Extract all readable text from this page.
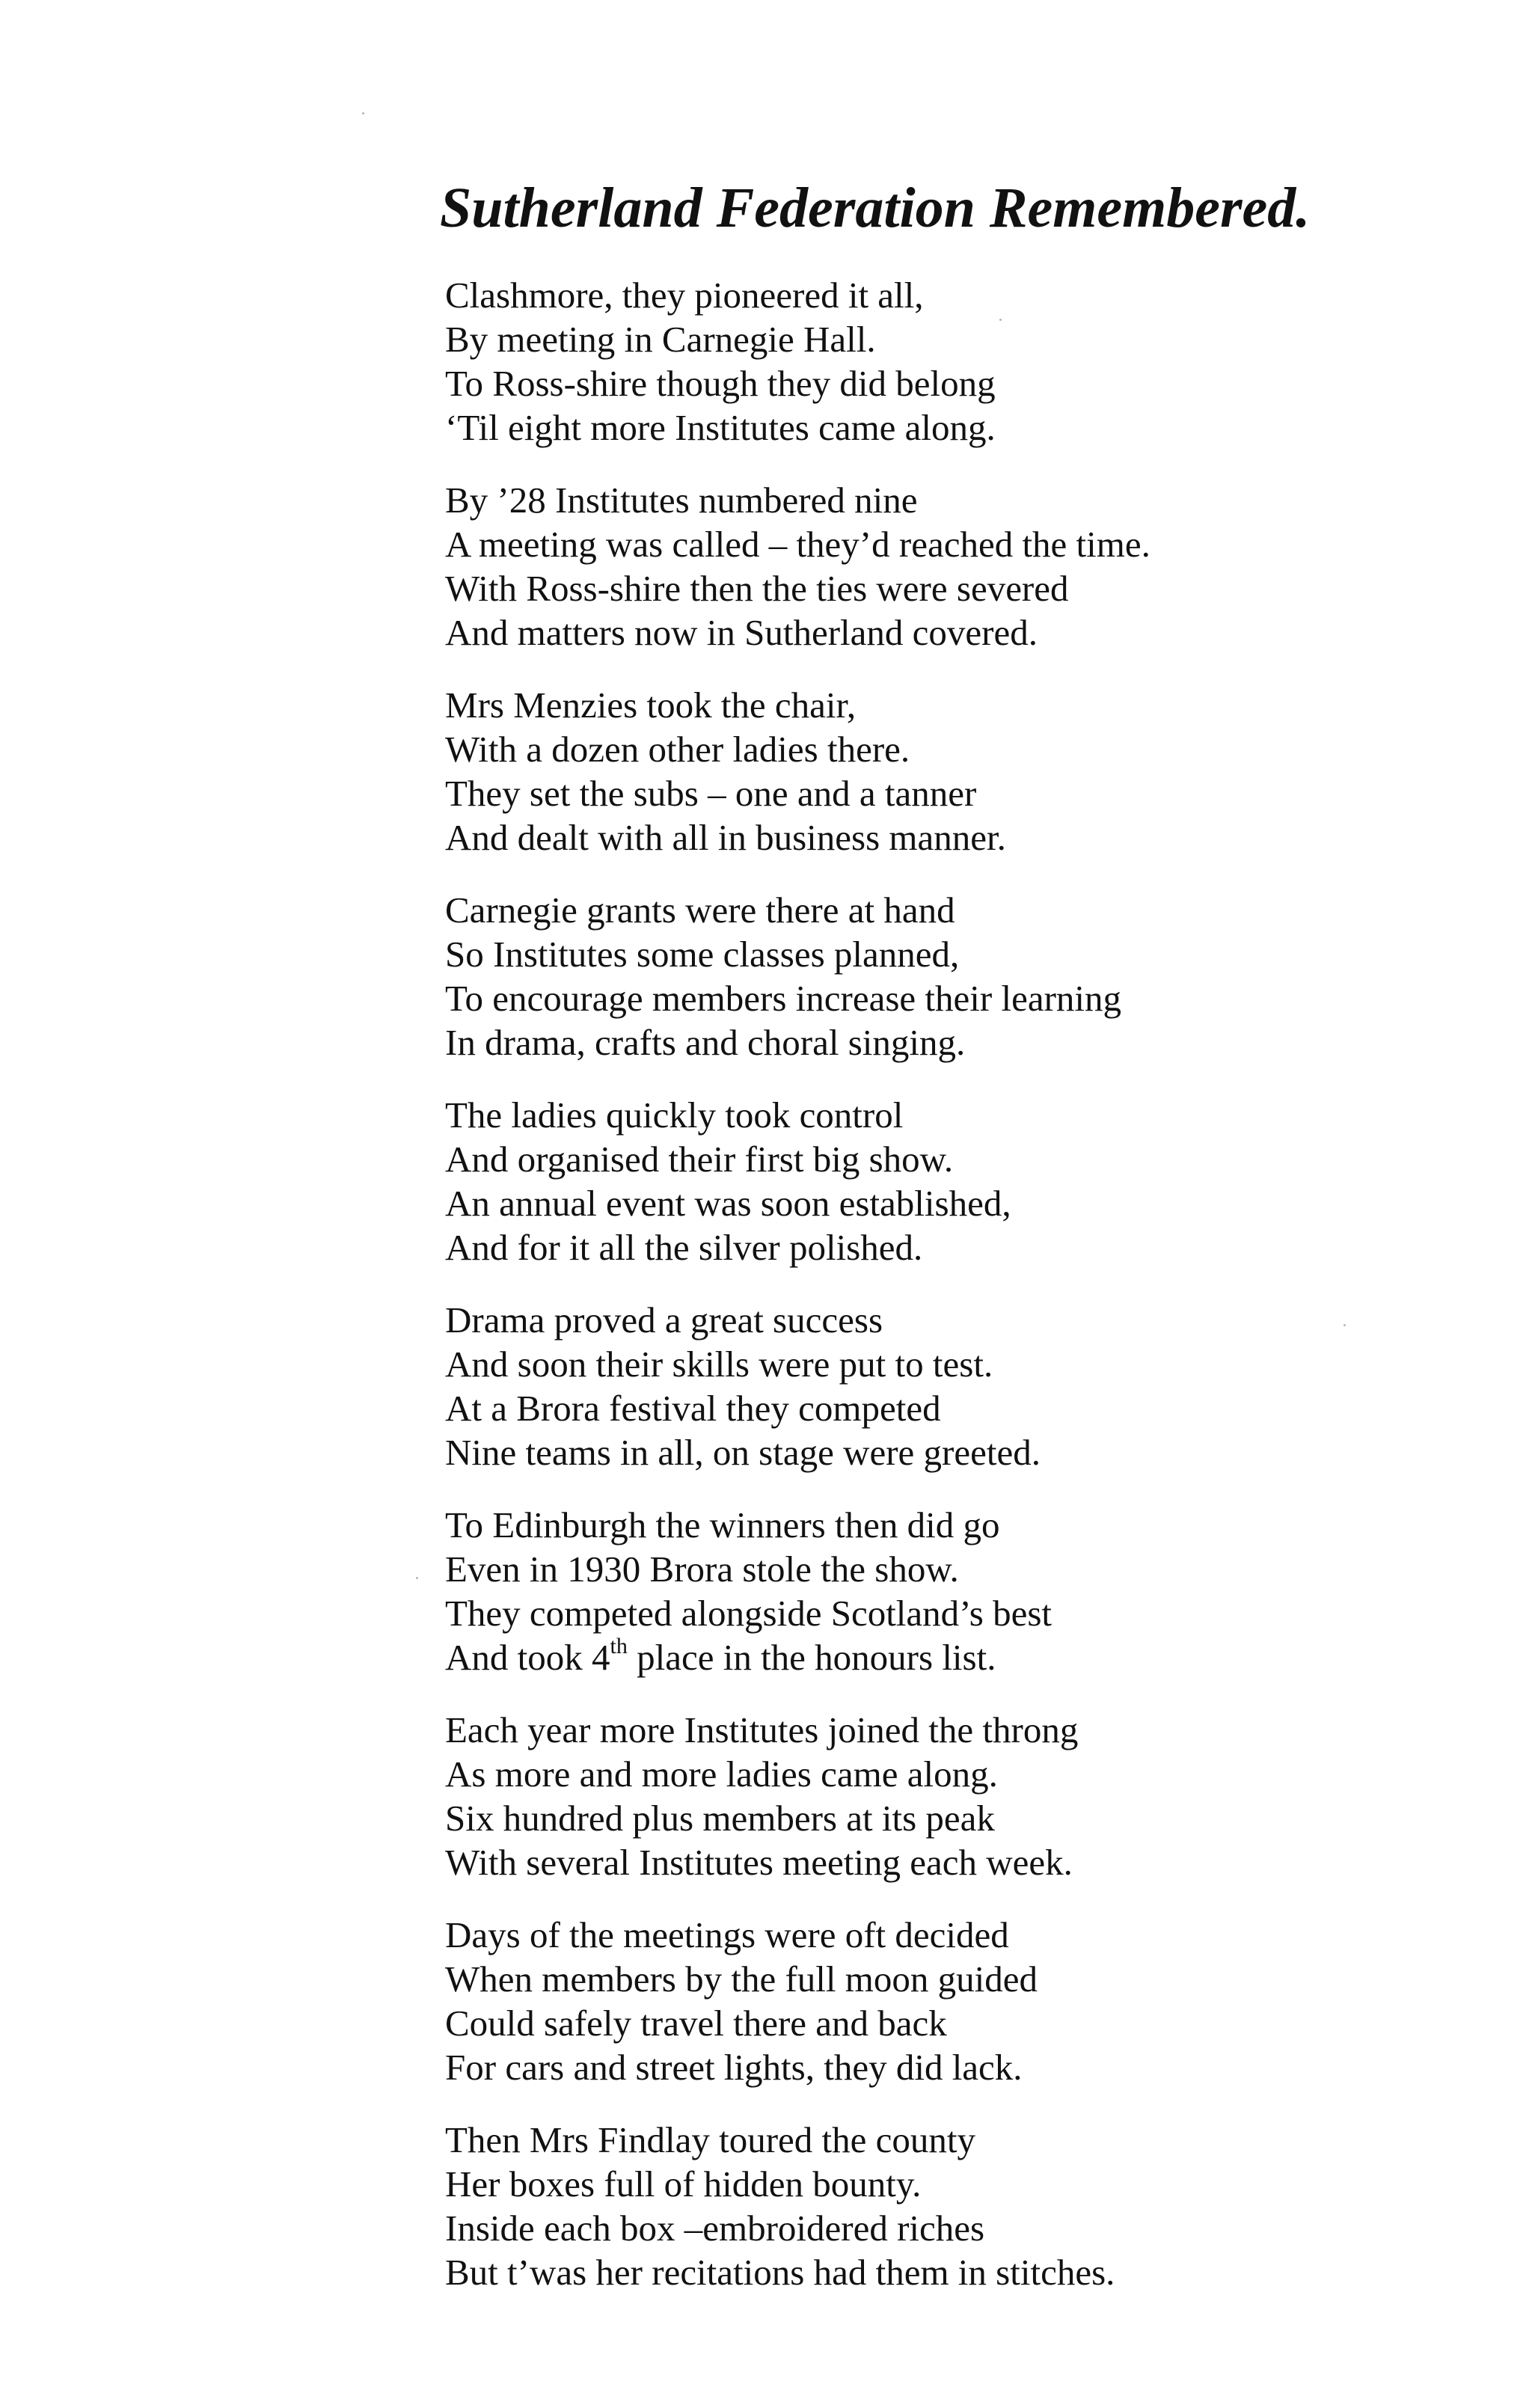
Sutherland Federation Remembered.
Clashmore, they pioneered it all,
By meeting in Carnegie Hall.
To Ross-shire though they did belong
‘Til eight more Institutes came along.
By ’28 Institutes numbered nine
A meeting was called – they’d reached the time.
With Ross-shire then the ties were severed
And matters now in Sutherland covered.
Mrs Menzies took the chair,
With a dozen other ladies there.
They set the subs – one and a tanner
And dealt with all in business manner.
Carnegie grants were there at hand
So Institutes some classes planned,
To encourage members increase their learning
In drama, crafts and choral singing.
The ladies quickly took control
And organised their first big show.
An annual event was soon established,
And for it all the silver polished.
Drama proved a great success
And soon their skills were put to test.
At a Brora festival they competed
Nine teams in all, on stage were greeted.
To Edinburgh the winners then did go
Even in 1930 Brora stole the show.
They competed alongside Scotland’s best
And took 4th place in the honours list.
Each year more Institutes joined the throng
As more and more ladies came along.
Six hundred plus members at its peak
With several Institutes meeting each week.
Days of the meetings were oft decided
When members by the full moon guided
Could safely travel there and back
For cars and street lights, they did lack.
Then Mrs Findlay toured the county
Her boxes full of hidden bounty.
Inside each box –embroidered riches
But t’was her recitations had them in stitches.
